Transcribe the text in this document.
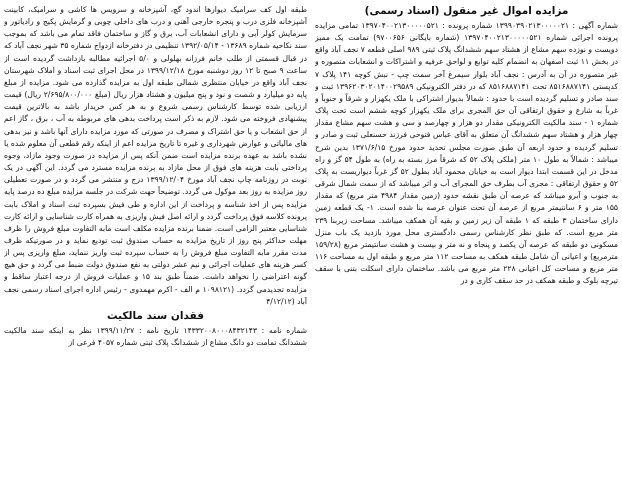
مزایده اموال غیر منقول (اسناد رسمی)

شماره آگهی : ۱۳۹۹۰۳۹۰۲۱۳۰۰۰۰۰۲۱ شماره پرونده : ۱۳۹۷۰۴۰۰۲۱۳۰۰۰۰۰۵۲۱ تمامی مزایده پرونده اجرائی شماره ۱۳۹۷۰۴۰۰۲۱۳۰۰۰۰۰۵۲۱ (شماره بایگانی ۹۷۰۰۶۵۶) تمامت یک ممیز دویست و نوزده سهم مشاع از هشتاد سهم ششدانگ پلاک ثبتی ۹۸۹ اصلی قطعه ۷ نجف آباد واقع در بخش ۱۱ ثبت اصفهان به انضمام کلیه توابع و لواحق عرفیه و اشتراکات و انشعابات متصوره و غیر متصوره در آن به آدرس : نجف آباد بلوار سیمرغ آخر سمت چپ - نبش کوچه ۱۴۱ پلاک ۷ کدپستی ۸۵۱۶۸۸۷۱۴۱ تحت ۸۵۱۶۸۸۷۱۴۱ که در دفتر الکترونیکی ۱۳۹۶۲۰۳۰۲۰۱۴۰۰۲۹۵۸۹ ثبت و سند صادر و تسلیم گردیده است با حدود : شمالاً بدیوار اشتراکی با ملک یکهزار و شرقاً و جنوباً و غرباً به شارع و حقوق ارتفاقی آن حق المجری برای ملک یکهزار کوچه ششم است تحت پلاک شماره ۱ - سند مالکیت الکترونیکی مقدار دو هزار و چهارصد و سی و هشت سهم مشاع مقدار چهار هزار و هشتاد سهم ششدانگ آن متعلق به آقای عباس فتوحی فرزند حسنعلی ثبت و صادر و تسلیم گردیده و حدود اربعه آن طبق صورت مجلس تحدید حدود مورخ ۱۳۷۱/۶/۱۵ بدین شرح میباشد : شمالاً به طول ۱۰ متر (ملکی پلاک ۵۲ که شرقاً مرز بسته به راه) به طول ۵۴ گز و راه مدخل در این قسمت ابتدا دیوار است به خیابان محمود آباد بطول ۵۲ گز غرباً دیواریست به پلاک ۵۲ و حقوق ارتفاقی : مجری آب بطرف حق المجرای آب و اثر میباشد که از سمت شمال شرقی به جنوب و آبرو میباشد که عرصه آن طبق نقشه حدود (زمین مقدار ۴۹۸۴ متر مربع) که مقدار ۱۵۵ متر و ۶ سانتیمتر مربع از عرصه آن تحت عنوان عرصه بنا شده است. ۱- یک قطعه زمین دارای ساختمان ۳ طبقه که ۱ طبقه آن زیر زمین و بقیه آن همکف میباشد. مساحت زیربنا ۲۳۹ متر مربع است. که طبق نظر کارشناس رسمی دادگستری محل مورد بازدید یک باب منزل مسکونی دو طبقه که عرصه آن یکصد و پنجاه و نه متر و بیست و هشت سانتیمتر مربع (۱۵۹/۲۸ مترمربع) و اعیانی آن شامل طبقه همکف به مساحت ۱۱۲ متر مربع و طبقه اول به مساحت ۱۱۶ متر مربع و مساحت کل اعیانی ۲۲۸ متر مربع می باشد. ساختمان دارای اسکلت بتنی با سقف تیرچه بلوک و طبقه همکف در حد سقف کاری و در

طبقه اول کف سرامیک دیوارها اندود گچ، آشپزخانه و سرویس ها کاشی و سرامیک، کابینت آشپزخانه فلزی درب و پنجره خارجی آهنی و درب های داخلی چوبی و گرمایش پکیج و رادیاتور و سرمایش کولر آبی و دارای انشعابات آب، برق و گاز و ساختمان فاقد تمام می باشد که بموجب سند نکاحیه شماره ۱۳۶۸۹ - ۱۳۹۲/۰۵/۱۴ تنظیمی در دفترخانه ازدواج شماره ۳۵ شهر نجف آباد که در قبال قسمتی از طلب خانم فرزانه بهلولی و ۵/۰ اجرائیه مطالبه بازداشت گردیده است از ساعت ۹ صبح تا ۱۲ روز دوشنبه مورخ ۱۳۹۹/۱۲/۱۸ در محل اجرای ثبت اسناد و املاک شهرستان نجف آباد واقع در خیابان منتظری شمالی طبقه اول به مزایده گذارده می شود. مزایده از مبلغ پایه دو میلیارد و شصت و نود و پنج میلیون و هشتاد هزار ریال (مبلغ ۲/۶۹۵/۸۰۰/۰۰۰ ریال) قیمت ارزیابی شده توسط کارشناس رسمی شروع و به هر کس خریدار باشد به بالاترین قیمت پیشنهادی فروخته می شود. لازم به ذکر است پرداخت بدهی های مربوطه به آب ، برق ، گاز اعم از حق انشعاب و یا حق اشتراک و مصرف در صورتی که مورد مزایده دارای آنها باشد و نیز بدهی های مالیاتی و عوارض شهرداری و غیره تا تاریخ مزایده اعم از اینکه رقم قطعی آن معلوم شده یا نشده باشد به عهده برنده مزایده است ضمن آنکه پس از مزایده در صورت وجود مازاد، وجوه پرداختی بابت هزینه های فوق از محل مازاد به برنده مزایده مسترد می گردد. این آگهی در یک نوبت در روزنامه چاپ نجف آباد مورخ ۱۳۹۹/۱۲/۰۴ درج و منتشر می گردد و در صورت تعطیلی روز مزایده به روز بعد موکول می گردد. توضیحاً حهت شرکت در جلسه مزایده مبلغ ده درصد پایه مزایده پس از اخذ شناسه و پرداخت از این اداره و طی فیش بسپرده ثبت اسناد و املاک بابت پرونده کلاسه فوق پرداخت گردد و ارائه اصل فیش واریزی به همراه کارت شناسایی و ارائه کارت شناسایی معتبر الزامی است. ضمنا برنده مزایده مکلف است مابه التفاوت مبلغ فروش را ظرف مهلت حداکثر پنج روز از تاریخ مزایده به حساب صندوق ثبت تودیع نماید و در صورتیکه ظرف مدت مقرر مابه التفاوت مبلغ فروش را به حساب سپرده ثبت واریز ننماید، مبلغ واریزی پس از کسر هزینه های عملیات اجرائی و نیم عشر دولتی به نفع صندوق دولت ضبط می گردد و حق هیچ گونه اعتراضی را نخواهد داشت. ضمناً طبق بند ۱۵ و عملیات فروش از درجه اعتبار ساقط و مزایده تجدیدمی گردد. (۱۰۹۸۱۲۱ م الف - اکرم مهمدوی - رئیس اداره اجرای اسناد رسمی نجف آباد (۴/۱۲/۱۲

فقدان سند مالکیت

شماره نامه : ۱۴۳۳۲۰۰۸۰۰۰۸۴۳۲۱۴۳ تاریخ نامه : ۱۳۹۹/۱۱/۲۷ نظر به اینکه سند مالکیت ششدانگ تمامت دو دانگ مشاع از ششدانگ پلاک ثبتی شماره ۴۰۵۷ فرعی از
